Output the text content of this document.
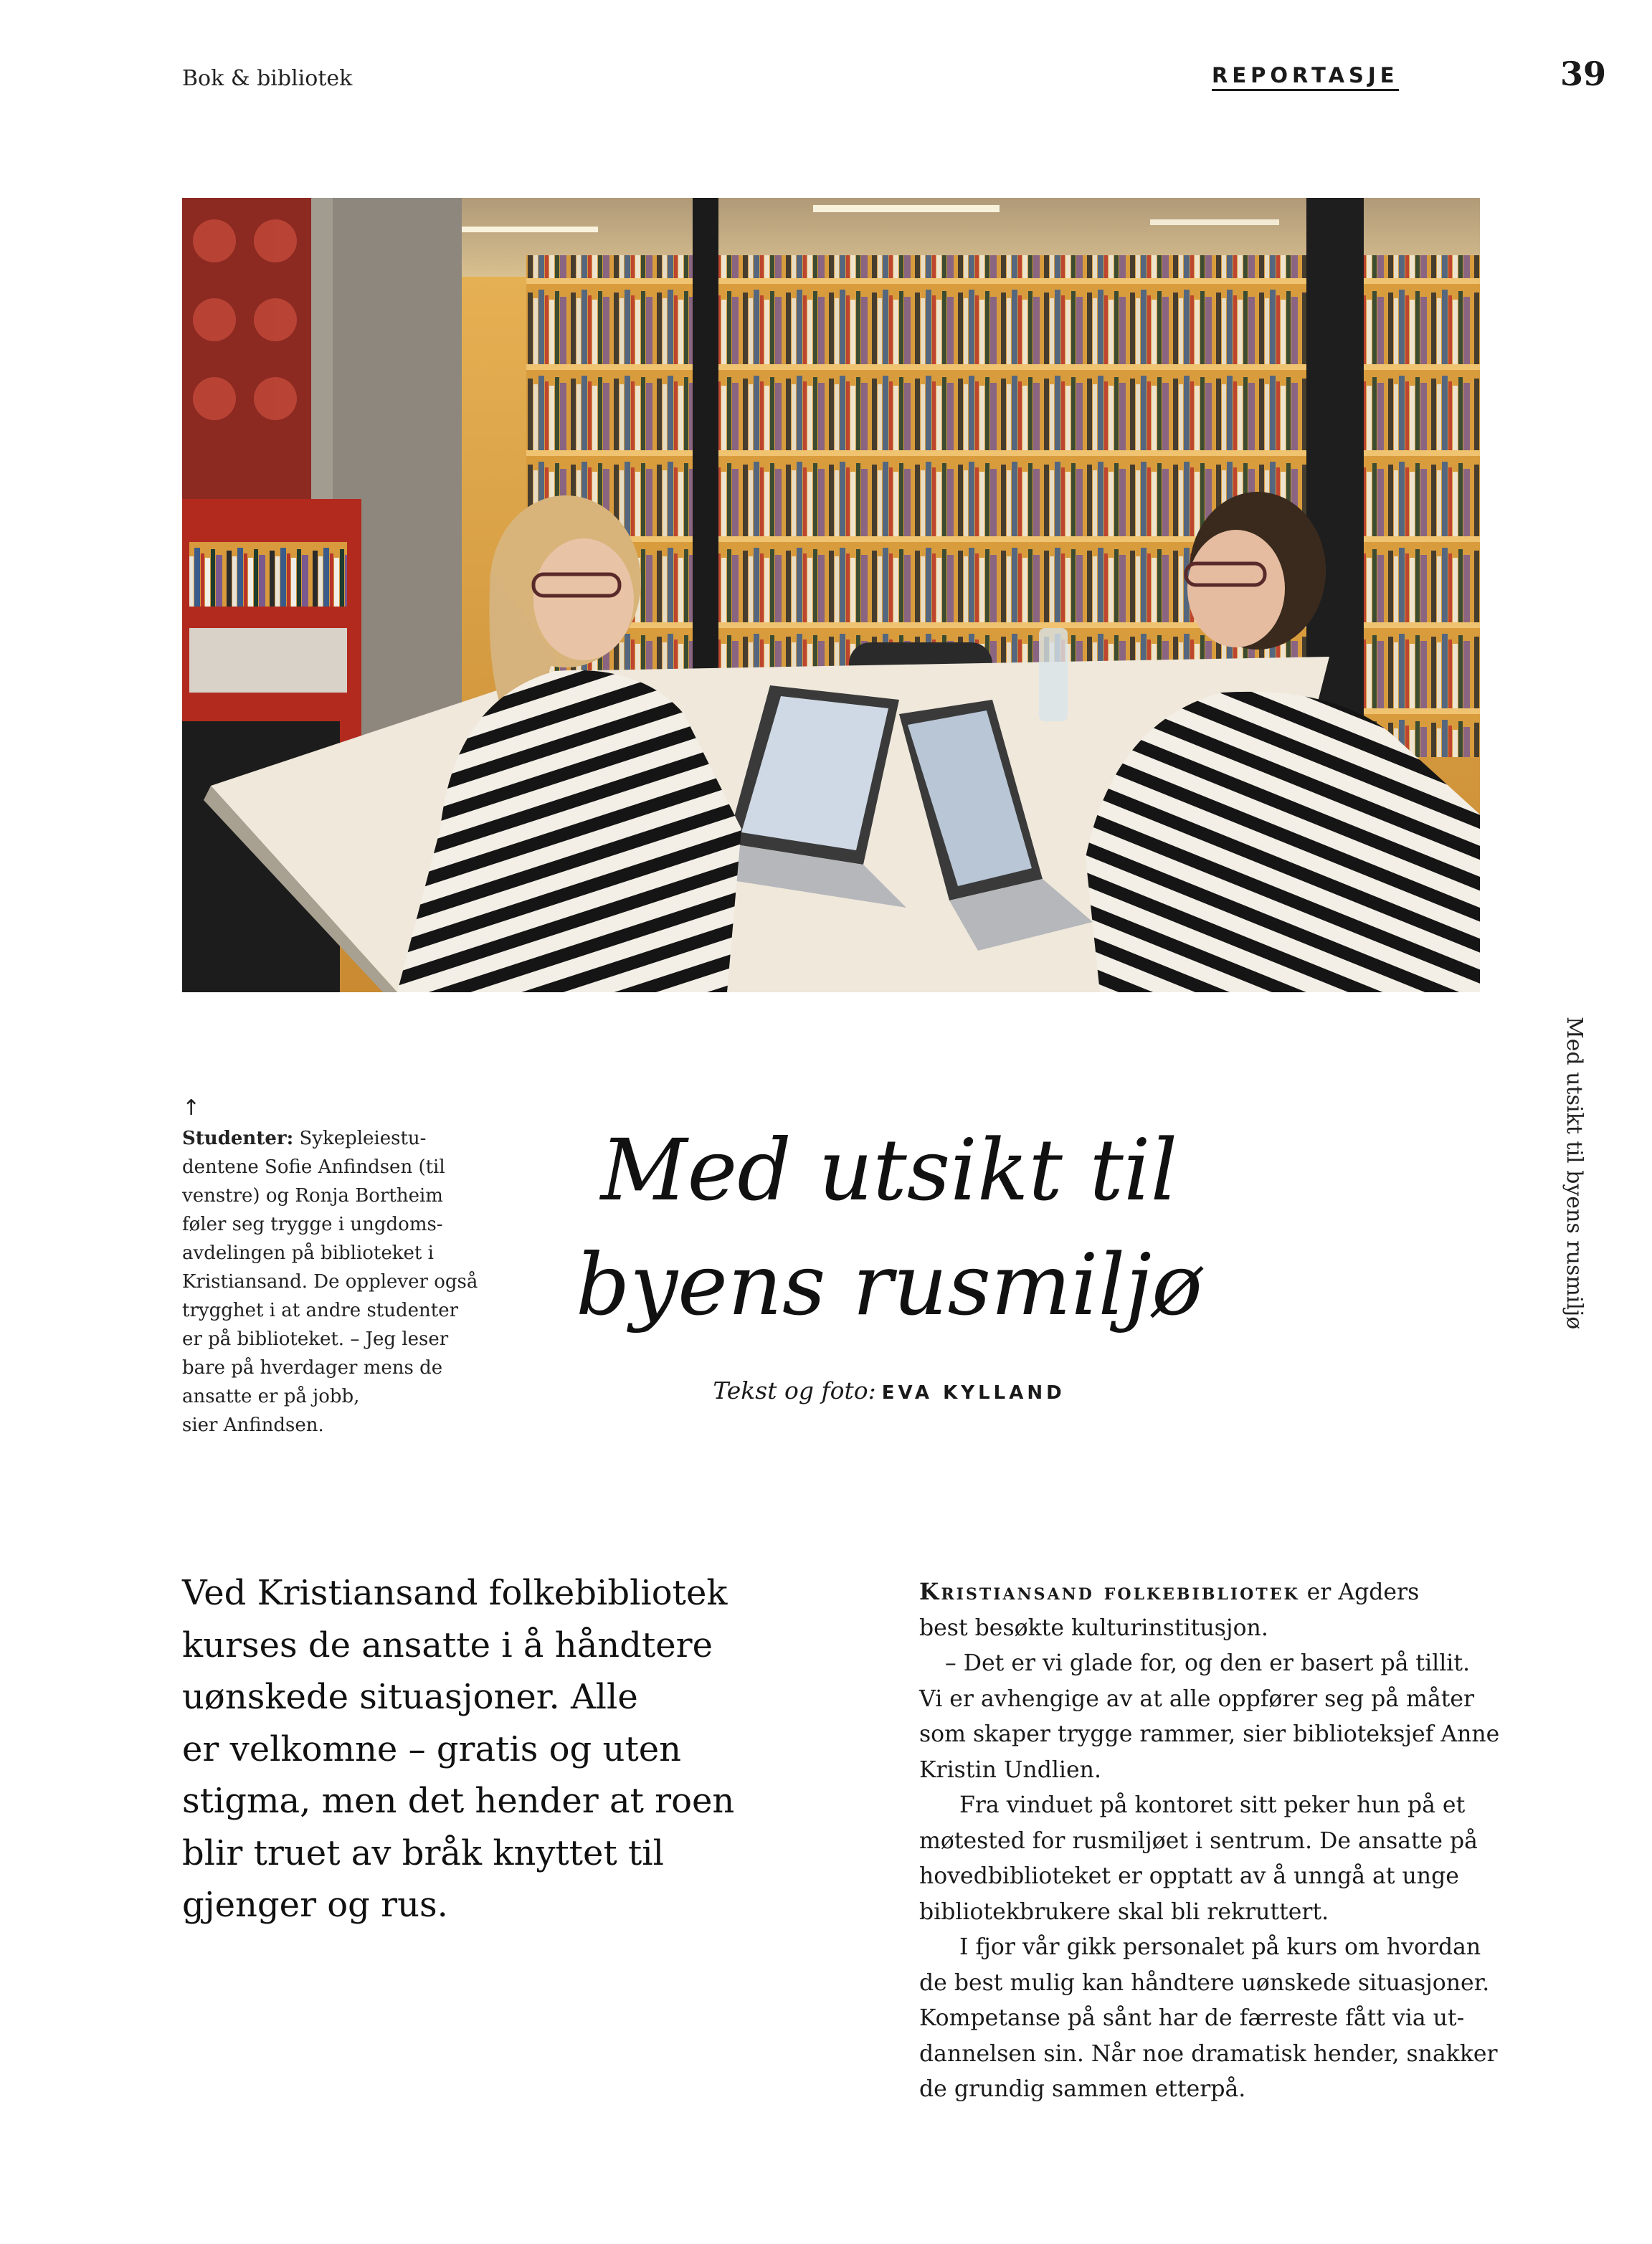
Bok & bibliotek	REPORTASJE	39
↑
Studenter: Sykepleiestu-
dentene Sofie Anfindsen (til
venstre) og Ronja Bortheim
føler seg trygge i ungdoms-
avdelingen på biblioteket i
Kristiansand. De opplever også
trygghet i at andre studenter
er på biblioteket. – Jeg leser
bare på hverdager mens de
ansatte er på jobb,
sier Anfindsen.
Med utsikt til
byens rusmiljø
Tekst og foto: EVA KYLLAND
Med utsikt til byens rusmiljø
Ved Kristiansand folkebibliotek
kurses de ansatte i å håndtere
uønskede situasjoner. Alle
er velkomne – gratis og uten
stigma, men det hender at roen
blir truet av bråk knyttet til
gjenger og rus.
Kristiansand folkebibliotek er Agders
best besøkte kulturinstitusjon.
– Det er vi glade for, og den er basert på tillit.
Vi er avhengige av at alle oppfører seg på måter
som skaper trygge rammer, sier biblioteksjef Anne
Kristin Undlien.
Fra vinduet på kontoret sitt peker hun på et
møtested for rusmiljøet i sentrum. De ansatte på
hovedbiblioteket er opptatt av å unngå at unge
bibliotekbrukere skal bli rekruttert.
I fjor vår gikk personalet på kurs om hvordan
de best mulig kan håndtere uønskede situasjoner.
Kompetanse på sånt har de færreste fått via ut-
dannelsen sin. Når noe dramatisk hender, snakker
de grundig sammen etterpå.
